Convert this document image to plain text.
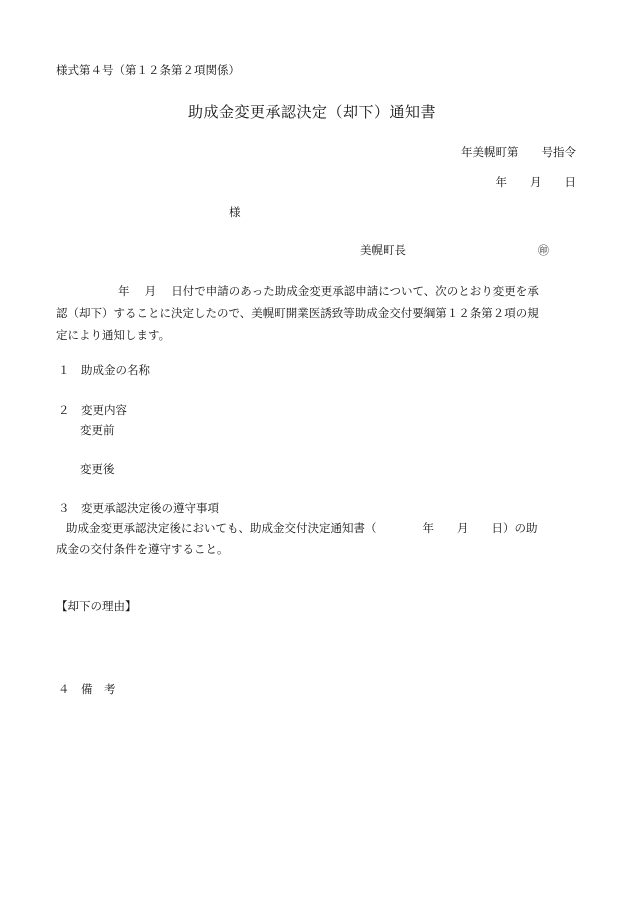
様式第４号（第１２条第２項関係）
助成金変更承認決定（却下）通知書
年美幌町第　　号指令
年　　月　　日
様
美幌町長	㊞

年　 月　 日付で申請のあった助成金変更承認申請について、次のとおり変更を承

認（却下）することに決定したので、美幌町開業医誘致等助成金交付要綱第１２条第２項の規

定により通知します。

１　助成金の名称
２　変更内容
変更前
変更後
３　変更承認決定後の遵守事項
助成金変更承認決定後においても、助成金交付決定通知書（　　　　年　　月　　日）の助
成金の交付条件を遵守すること。
【却下の理由】
４　備　考
